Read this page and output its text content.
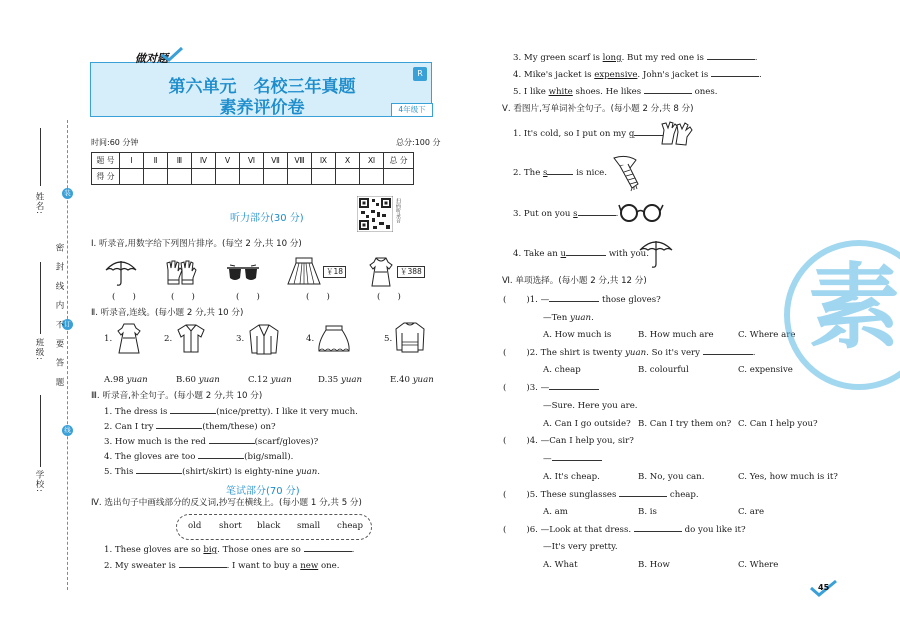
装
订
线
密 封 线 内 不 要 答 题
姓名:
班级:
学校:
第六单元　名校三年真题
素养评价卷
R
4年级下
做对题
时间:60 分钟	总分:100 分
题 号	Ⅰ	Ⅱ	Ⅲ	Ⅳ	Ⅴ	Ⅵ	Ⅶ	Ⅷ	Ⅸ	Ⅹ	Ⅺ	总 分
得 分												
听力部分(30 分)	扫码听录音
Ⅰ. 听录音,用数字给下列图片排序。(每空 2 分,共 10 分)
￥18	￥388
(　　)	(　　)	(　　)	(　　)	(　　)
Ⅱ. 听录音,连线。(每小题 2 分,共 10 分)
1.	2.	3.	4.	5.
A.98 yuan	B.60 yuan	C.12 yuan	D.35 yuan	E.40 yuan
Ⅲ. 听录音,补全句子。(每小题 2 分,共 10 分)
1. The dress is	(nice/pretty). I like it very much.
2. Can I try	(them/these) on?
3. How much is the red	(scarf/gloves)?
4. The gloves are too	(big/small).
5. This	(shirt/skirt) is eighty-nine yuan.
笔试部分(70 分)
Ⅳ. 选出句子中画线部分的反义词,抄写在横线上。(每小题 1 分,共 5 分)
old short black small cheap
1. These gloves are so big. Those ones are so	.
2. My sweater is	. I want to buy a new one.
3. My green scarf is long. But my red one is	.
4. Mike's jacket is expensive. John's jacket is	.
5. I like white shoes. He likes	ones.
Ⅴ. 看图片,写单词补全句子。(每小题 2 分,共 8 分)
1. It's cold, so I put on my g
2. The s	is nice.
3. Put on you s	.
4. Take an u	with you.
Ⅵ. 单项选择。(每小题 2 分,共 12 分)
( )1. —	those gloves?
—Ten yuan.
A. How much is	B. How much are	C. Where are
( )2. The shirt is twenty yuan. So it's very	.
A. cheap	B. colourful	C. expensive
( )3. —
—Sure. Here you are.
A. Can I go outside? B. Can I try them on? C. Can I help you?
( )4. —Can I help you, sir?
—
A. It's cheap.	B. No, you can.	C. Yes, how much is it?
( )5. These sunglasses	cheap.
A. am	B. is	C. are
( )6. —Look at that dress.	do you like it?
—It's very pretty.
A. What	B. How	C. Where
素
45
